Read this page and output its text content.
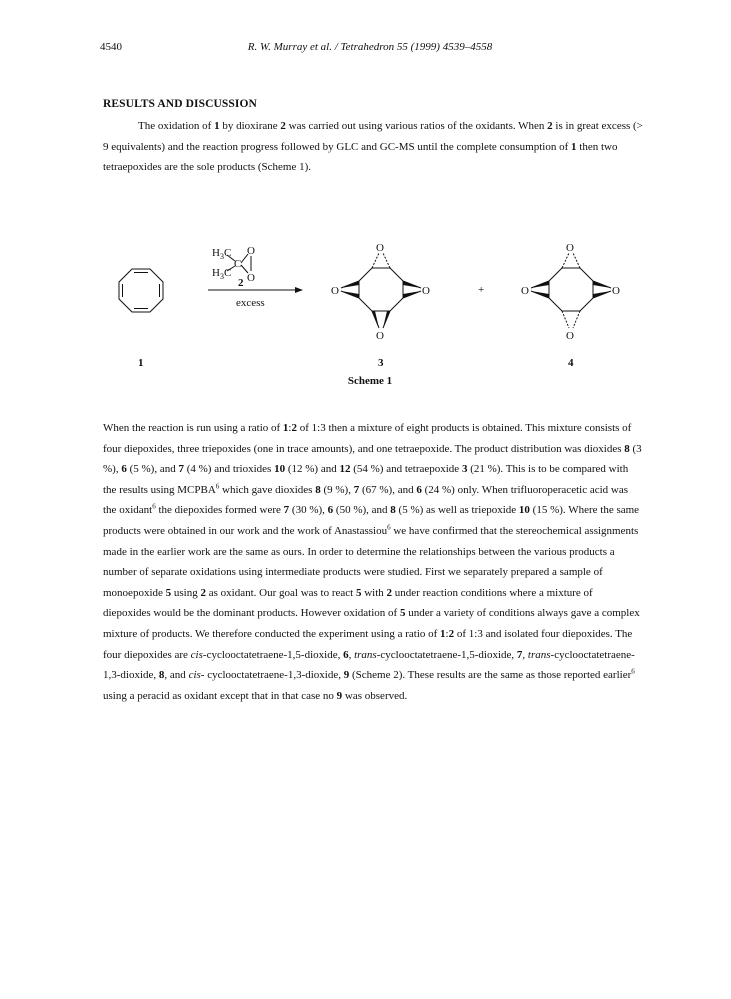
4540	R. W. Murray et al. / Tetrahedron 55 (1999) 4539–4558
RESULTS AND DISCUSSION

The oxidation of 1 by dioxirane 2 was carried out using various ratios of the oxidants. When 2 is in great excess (> 9 equivalents) and the reaction progress followed by GLC and GC-MS until the complete consumption of 1 then two tetraepoxides are the sole products (Scheme 1).

$H_3C$
$H_3C$
C
O
O
2
excess
O
O
O
O
+
O
O
O
O
1	3	4
Scheme 1

When the reaction is run using a ratio of 1:2 of 1:3 then a mixture of eight products is obtained. This mixture consists of four diepoxides, three triepoxides (one in trace amounts), and one tetraepoxide. The product distribution was dioxides 8 (3 %), 6 (5 %), and 7 (4 %) and trioxides 10 (12 %) and 12 (54 %) and tetraepoxide 3 (21 %). This is to be compared with the results using MCPBA$^6$ which gave dioxides 8 (9 %), 7 (67 %), and 6 (24 %) only. When trifluoroperacetic acid was the oxidant$^6$ the diepoxides formed were 7 (30 %), 6 (50 %), and 8 (5 %) as well as triepoxide 10 (15 %). Where the same products were obtained in our work and the work of Anastassiou$^6$ we have confirmed that the stereochemical assignments made in the earlier work are the same as ours. In order to determine the relationships between the various products a number of separate oxidations using intermediate products were studied. First we separately prepared a sample of monoepoxide 5 using 2 as oxidant. Our goal was to react 5 with 2 under reaction conditions where a mixture of diepoxides would be the dominant products. However oxidation of 5 under a variety of conditions always gave a complex mixture of products. We therefore conducted the experiment using a ratio of 1:2 of 1:3 and isolated four diepoxides. The four diepoxides are cis-cyclooctatetraene-1,5-dioxide, 6, trans-cyclooctatetraene-1,5-dioxide, 7, trans-cyclooctatetraene-1,3-dioxide, 8, and cis- cyclooctatetraene-1,3-dioxide, 9 (Scheme 2). These results are the same as those reported earlier$^6$ using a peracid as oxidant except that in that case no 9 was observed.
